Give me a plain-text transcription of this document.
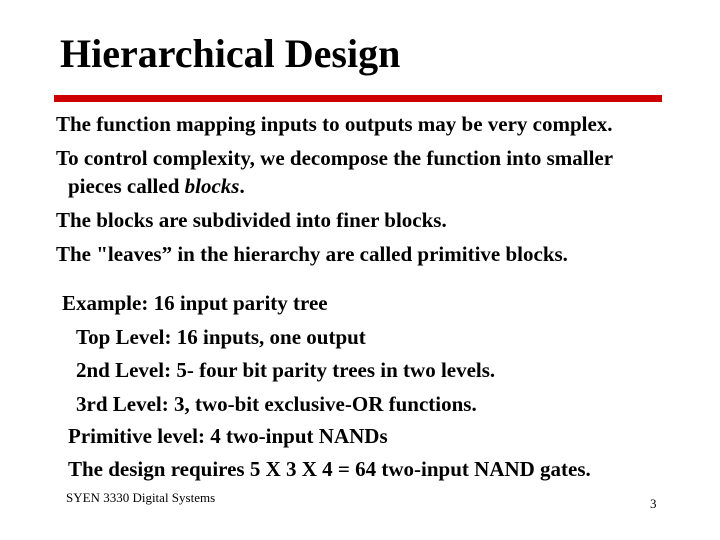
Hierarchical Design
The function mapping inputs to outputs may be very complex.
To control complexity, we decompose the function into smaller
pieces called blocks.
The blocks are subdivided into finer blocks.
The "leaves” in the hierarchy are called primitive blocks.
Example: 16 input parity tree
Top Level: 16 inputs, one output
2nd Level: 5- four bit parity trees in two levels.
3rd Level: 3, two-bit exclusive-OR functions.
Primitive level: 4 two-input NANDs
The design requires 5 X 3 X 4 = 64 two-input NAND gates.
SYEN 3330 Digital Systems	3
